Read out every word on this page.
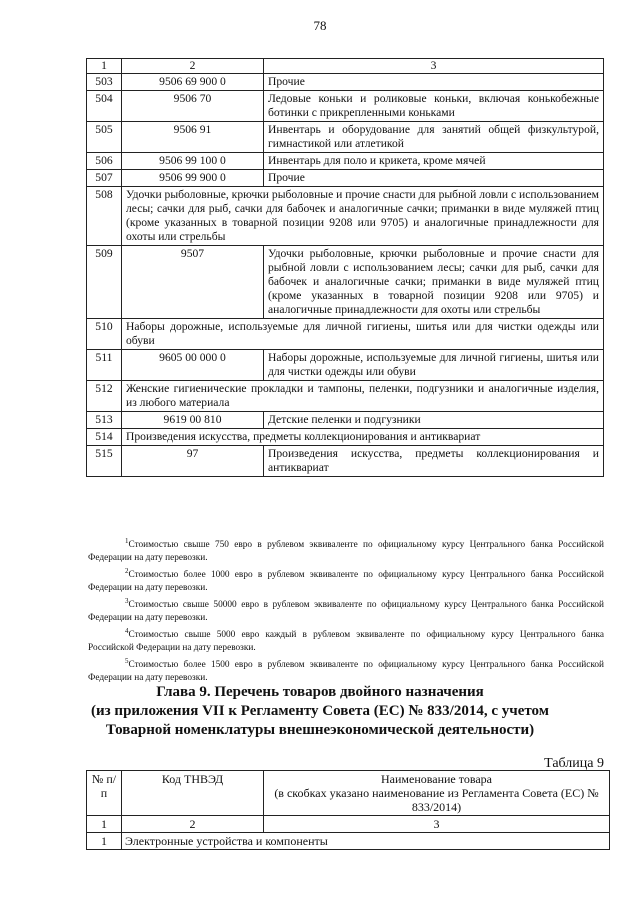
78
1	2	3
503	9506 69 900 0	Прочие
504	9506 70	Ледовые коньки и роликовые коньки, включая конькобежные ботинки с прикрепленными коньками
505	9506 91	Инвентарь и оборудование для занятий общей физкультурой, гимнастикой или атлетикой
506	9506 99 100 0	Инвентарь для поло и крикета, кроме мячей
507	9506 99 900 0	Прочие
508	Удочки рыболовные, крючки рыболовные и прочие снасти для рыбной ловли с использованием лесы; сачки для рыб, сачки для бабочек и аналогичные сачки; приманки в виде муляжей птиц (кроме указанных в товарной позиции 9208 или 9705) и аналогичные принадлежности для охоты или стрельбы	
509	9507	Удочки рыболовные, крючки рыболовные и прочие снасти для рыбной ловли с использованием лесы; сачки для рыб, сачки для бабочек и аналогичные сачки; приманки в виде муляжей птиц (кроме указанных в товарной позиции 9208 или 9705) и аналогичные принадлежности для охоты или стрельбы
510	Наборы дорожные, используемые для личной гигиены, шитья или для чистки одежды или обуви	
511	9605 00 000 0	Наборы дорожные, используемые для личной гигиены, шитья или для чистки одежды или обуви
512	Женские гигиенические прокладки и тампоны, пеленки, подгузники и аналогичные изделия, из любого материала	
513	9619 00 810	Детские пеленки и подгузники
514	Произведения искусства, предметы коллекционирования и антиквариат	
515	97	Произведения искусства, предметы коллекционирования и антиквариат

$^1$Стоимостью свыше 750 евро в рублевом эквиваленте по официальному курсу Центрального банка Российской Федерации на дату перевозки.

$^2$Стоимостью более 1000 евро в рублевом эквиваленте по официальному курсу Центрального банка Российской Федерации на дату перевозки.

$^3$Стоимостью свыше 50000 евро в рублевом эквиваленте по официальному курсу Центрального банка Российской Федерации на дату перевозки.

$^4$Стоимостью свыше 5000 евро каждый в рублевом эквиваленте по официальному курсу Центрального банка Российской Федерации на дату перевозки.

$^5$Стоимостью более 1500 евро в рублевом эквиваленте по официальному курсу Центрального банка Российской Федерации на дату перевозки.

Глава 9. Перечень товаров двойного назначения
(из приложения VII к Регламенту Совета (ЕС) № 833/2014, с учетом
Товарной номенклатуры внешнеэкономической деятельности)
Таблица 9
№ п/п	Код ТНВЭД	Наименование товара
(в скобках указано наименование из Регламента Совета (ЕС) № 833/2014)

1	2	3
1	Электронные устройства и компоненты	
